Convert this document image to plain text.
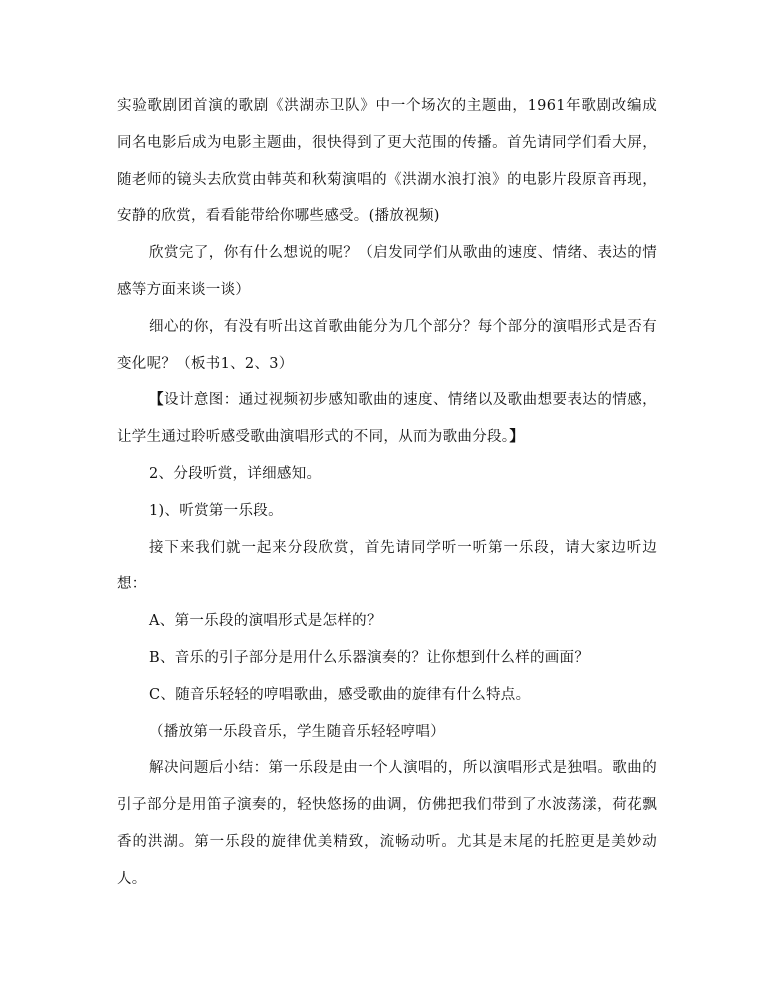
实验歌剧团首演的歌剧《洪湖赤卫队》中一个场次的主题曲，1961年歌剧改编成同名电影后成为电影主题曲，很快得到了更大范围的传播。首先请同学们看大屏，随老师的镜头去欣赏由韩英和秋菊演唱的《洪湖水浪打浪》的电影片段原音再现，安静的欣赏，看看能带给你哪些感受。(播放视频)

欣赏完了，你有什么想说的呢？（启发同学们从歌曲的速度、情绪、表达的情感等方面来谈一谈）

细心的你，有没有听出这首歌曲能分为几个部分？每个部分的演唱形式是否有变化呢？（板书1、2、3）

【设计意图：通过视频初步感知歌曲的速度、情绪以及歌曲想要表达的情感，让学生通过聆听感受歌曲演唱形式的不同，从而为歌曲分段。】

2、分段听赏，详细感知。

1)、听赏第一乐段。

接下来我们就一起来分段欣赏，首先请同学听一听第一乐段，请大家边听边想：

A、第一乐段的演唱形式是怎样的？

B、音乐的引子部分是用什么乐器演奏的？让你想到什么样的画面？

C、随音乐轻轻的哼唱歌曲，感受歌曲的旋律有什么特点。

（播放第一乐段音乐，学生随音乐轻轻哼唱）

解决问题后小结：第一乐段是由一个人演唱的，所以演唱形式是独唱。歌曲的引子部分是用笛子演奏的，轻快悠扬的曲调，仿佛把我们带到了水波荡漾，荷花飘香的洪湖。第一乐段的旋律优美精致，流畅动听。尤其是末尾的托腔更是美妙动人。
